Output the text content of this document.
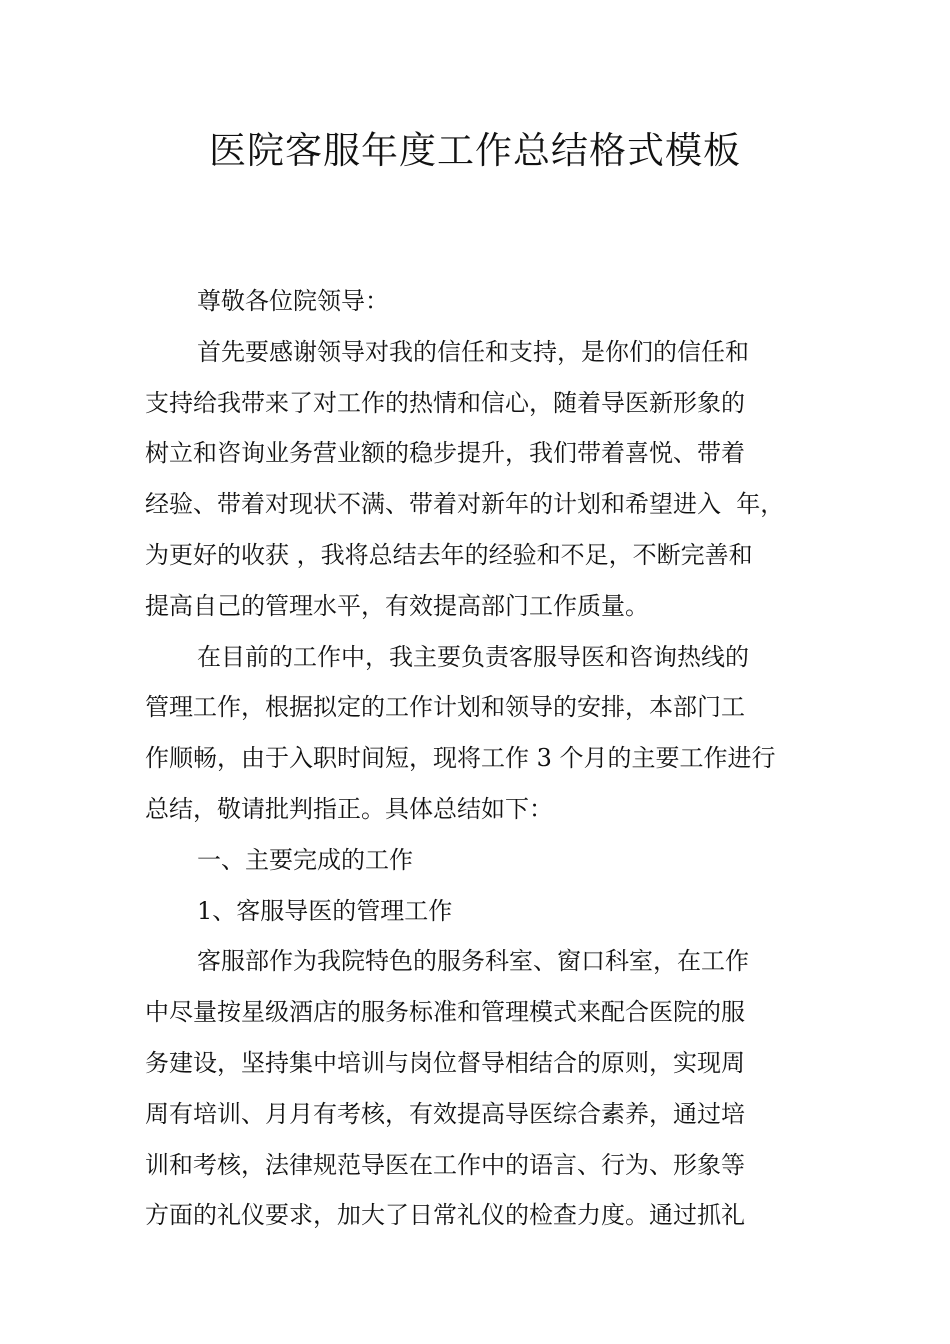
医院客服年度工作总结格式模板
尊敬各位院领导：
首先要感谢领导对我的信任和支持，是你们的信任和
支持给我带来了对工作的热情和信心，随着导医新形象的
树立和咨询业务营业额的稳步提升，我们带着喜悦、带着
经验、带着对现状不满、带着对新年的计划和希望进入  年，
为更好的收获 ，我将总结去年的经验和不足，不断完善和
提高自己的管理水平，有效提高部门工作质量。
在目前的工作中，我主要负责客服导医和咨询热线的
管理工作，根据拟定的工作计划和领导的安排，本部门工
作顺畅，由于入职时间短，现将工作 3 个月的主要工作进行
总结，敬请批判指正。具体总结如下：
一、主要完成的工作
1、客服导医的管理工作
客服部作为我院特色的服务科室、窗口科室，在工作
中尽量按星级酒店的服务标准和管理模式来配合医院的服
务建设，坚持集中培训与岗位督导相结合的原则，实现周
周有培训、月月有考核，有效提高导医综合素养，通过培
训和考核，法律规范导医在工作中的语言、行为、形象等
方面的礼仪要求，加大了日常礼仪的检查力度。通过抓礼
